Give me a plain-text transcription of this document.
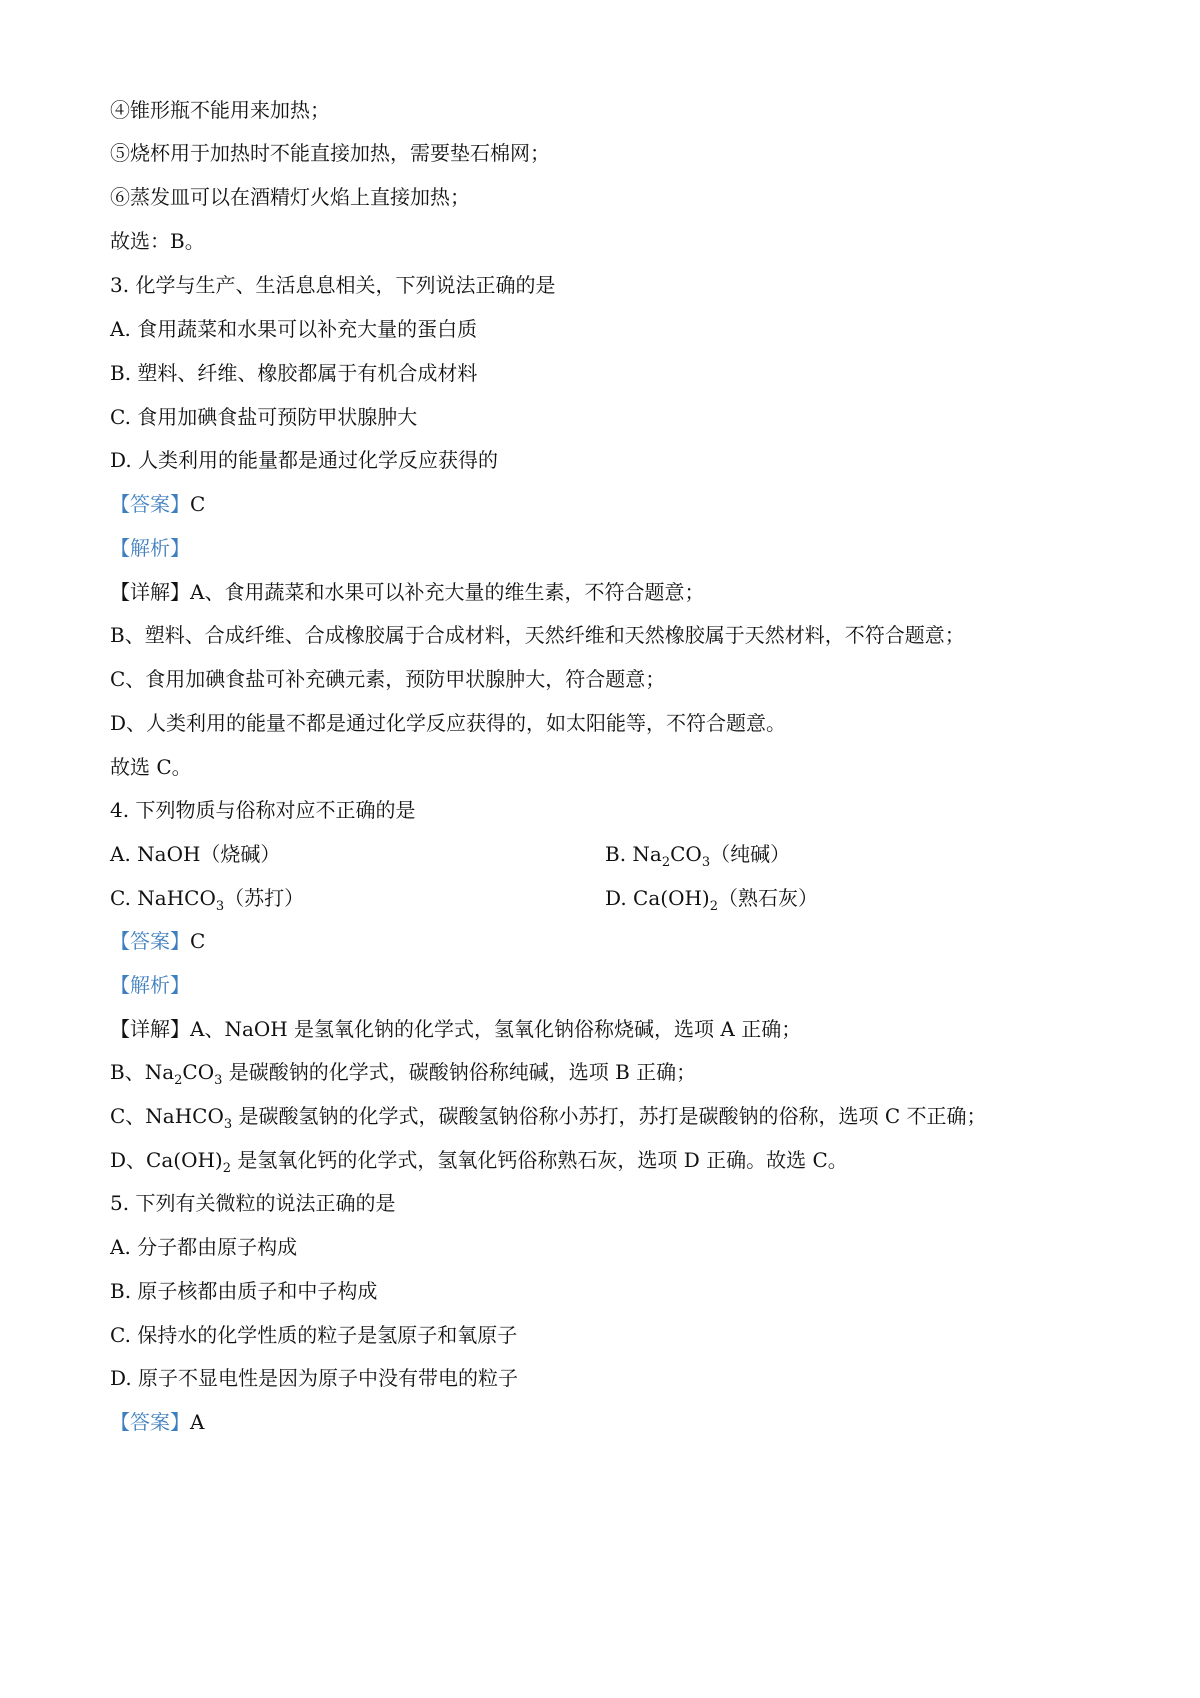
④锥形瓶不能用来加热；
⑤烧杯用于加热时不能直接加热，需要垫石棉网；
⑥蒸发皿可以在酒精灯火焰上直接加热；
故选：B。
3. 化学与生产、生活息息相关，下列说法正确的是
A. 食用蔬菜和水果可以补充大量的蛋白质
B. 塑料、纤维、橡胶都属于有机合成材料
C. 食用加碘食盐可预防甲状腺肿大
D. 人类利用的能量都是通过化学反应获得的
【答案】C
【解析】
【详解】A、食用蔬菜和水果可以补充大量的维生素，不符合题意；
B、塑料、合成纤维、合成橡胶属于合成材料，天然纤维和天然橡胶属于天然材料，不符合题意；
C、食用加碘食盐可补充碘元素，预防甲状腺肿大，符合题意；
D、人类利用的能量不都是通过化学反应获得的，如太阳能等，不符合题意。
故选 C。
4. 下列物质与俗称对应不正确的是
A. NaOH（烧碱）	B. $Na_2CO_3$（纯碱）
C. NaHCO$_3$（苏打）	D. $Ca(OH)_2$（熟石灰）
【答案】C
【解析】
【详解】A、NaOH 是氢氧化钠的化学式，氢氧化钠俗称烧碱，选项 A 正确；
B、$Na_2CO_3$ 是碳酸钠的化学式，碳酸钠俗称纯碱，选项 B 正确；
C、NaHCO$_3$ 是碳酸氢钠的化学式，碳酸氢钠俗称小苏打，苏打是碳酸钠的俗称，选项 C 不正确；
D、$Ca(OH)_2$ 是氢氧化钙的化学式，氢氧化钙俗称熟石灰，选项 D 正确。故选 C。
5. 下列有关微粒的说法正确的是
A. 分子都由原子构成
B. 原子核都由质子和中子构成
C. 保持水的化学性质的粒子是氢原子和氧原子
D. 原子不显电性是因为原子中没有带电的粒子
【答案】A
